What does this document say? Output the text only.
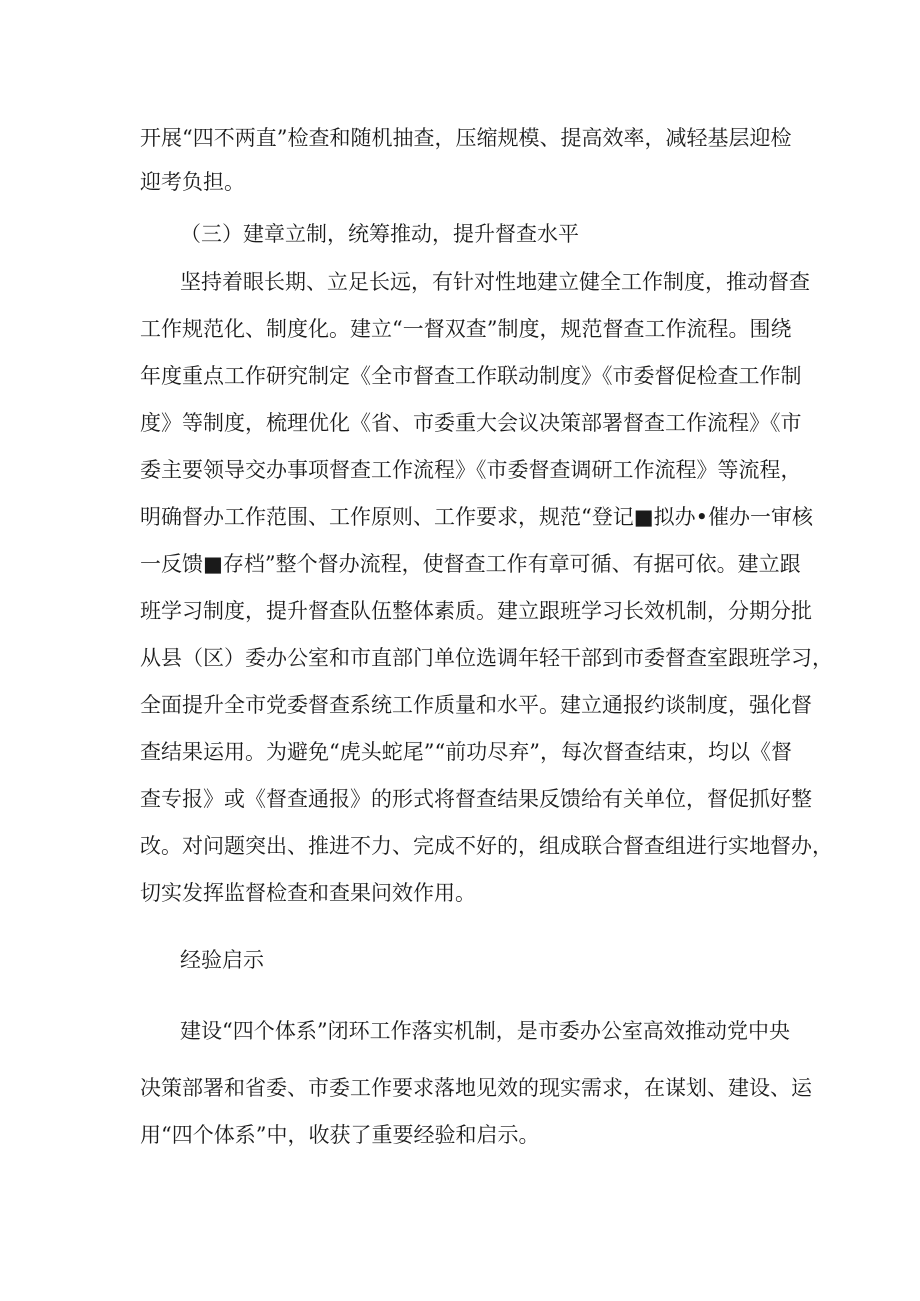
开展“四不两直”检查和随机抽查，压缩规模、提高效率，减轻基层迎检
迎考负担。
（三）建章立制，统筹推动，提升督查水平
坚持着眼长期、立足长远，有针对性地建立健全工作制度，推动督查
工作规范化、制度化。建立“一督双查”制度，规范督查工作流程。围绕
年度重点工作研究制定《全市督查工作联动制度》《市委督促检查工作制
度》等制度，梳理优化《省、市委重大会议决策部署督查工作流程》《市
委主要领导交办事项督查工作流程》《市委督查调研工作流程》等流程，
明确督办工作范围、工作原则、工作要求，规范“登记■拟办•催办一审核
一反馈■存档”整个督办流程，使督查工作有章可循、有据可依。建立跟
班学习制度，提升督查队伍整体素质。建立跟班学习长效机制，分期分批
从县（区）委办公室和市直部门单位选调年轻干部到市委督查室跟班学习，
全面提升全市党委督查系统工作质量和水平。建立通报约谈制度，强化督
查结果运用。为避免“虎头蛇尾”“前功尽弃”，每次督查结束，均以《督
查专报》或《督查通报》的形式将督查结果反馈给有关单位，督促抓好整
改。对问题突出、推进不力、完成不好的，组成联合督查组进行实地督办，
切实发挥监督检查和查果问效作用。
经验启示
建设“四个体系”闭环工作落实机制，是市委办公室高效推动党中央
决策部署和省委、市委工作要求落地见效的现实需求，在谋划、建设、运
用“四个体系”中，收获了重要经验和启示。
